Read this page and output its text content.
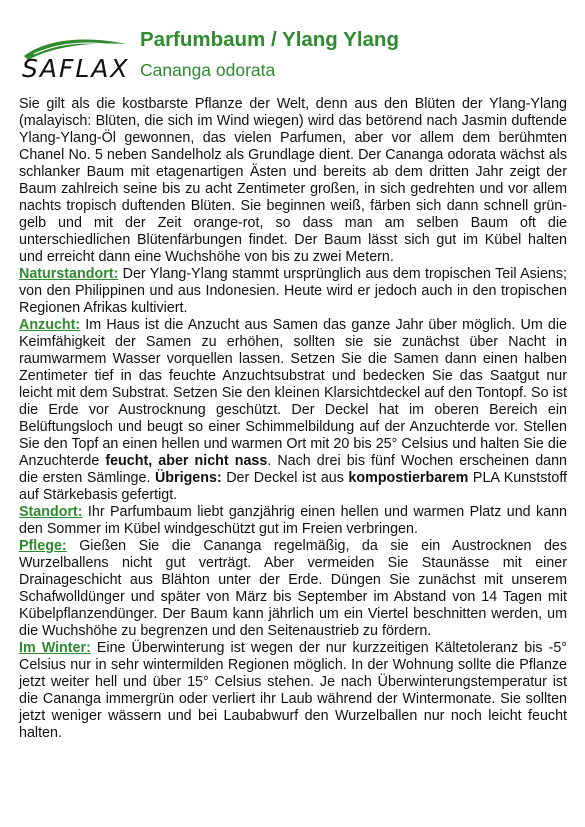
SAFLAX
Parfumbaum / Ylang Ylang
Cananga odorata

Sie gilt als die kostbarste Pflanze der Welt, denn aus den Blüten der Ylang-Ylang (malayisch: Blüten, die sich im Wind wiegen) wird das betörend nach Jasmin duftende Ylang-Ylang-Öl gewonnen, das vielen Parfumen, aber vor allem dem berühmten Chanel No. 5 neben Sandelholz als Grundlage dient. Der Cananga odorata wächst als schlanker Baum mit etagenartigen Ästen und bereits ab dem dritten Jahr zeigt der Baum zahlreich seine bis zu acht Zentimeter großen, in sich gedrehten und vor allem nachts tropisch duftenden Blüten. Sie beginnen weiß, färben sich dann schnell grün-gelb und mit der Zeit orange-rot, so dass man am selben Baum oft die unterschiedlichen Blütenfärbungen findet. Der Baum lässt sich gut im Kübel halten und erreicht dann eine Wuchshöhe von bis zu zwei Metern.

Naturstandort: Der Ylang-Ylang stammt ursprünglich aus dem tropischen Teil Asiens; von den Philippinen und aus Indonesien. Heute wird er jedoch auch in den tropischen Regionen Afrikas kultiviert.

Anzucht: Im Haus ist die Anzucht aus Samen das ganze Jahr über möglich. Um die Keimfähigkeit der Samen zu erhöhen, sollten sie sie zunächst über Nacht in raumwarmem Wasser vorquellen lassen. Setzen Sie die Samen dann einen halben Zentimeter tief in das feuchte Anzuchtsubstrat und bedecken Sie das Saatgut nur leicht mit dem Substrat. Setzen Sie den kleinen Klarsichtdeckel auf den Tontopf. So ist die Erde vor Austrocknung geschützt. Der Deckel hat im oberen Bereich ein Belüftungsloch und beugt so einer Schimmelbildung auf der Anzuchterde vor. Stellen Sie den Topf an einen hellen und warmen Ort mit 20 bis 25° Celsius und halten Sie die Anzuchterde feucht, aber nicht nass. Nach drei bis fünf Wochen erscheinen dann die ersten Sämlinge. Übrigens: Der Deckel ist aus kompostierbarem PLA Kunststoff auf Stärkebasis gefertigt.

Standort: Ihr Parfumbaum liebt ganzjährig einen hellen und warmen Platz und kann den Sommer im Kübel windgeschützt gut im Freien verbringen.

Pflege: Gießen Sie die Cananga regelmäßig, da sie ein Austrocknen des Wurzelballens nicht gut verträgt. Aber vermeiden Sie Staunässe mit einer Drainageschicht aus Blähton unter der Erde. Düngen Sie zunächst mit unserem Schafwolldünger und später von März bis September im Abstand von 14 Tagen mit Kübelpflanzendünger. Der Baum kann jährlich um ein Viertel beschnitten werden, um die Wuchshöhe zu begrenzen und den Seitenaustrieb zu fördern.

Im Winter: Eine Überwinterung ist wegen der nur kurzzeitigen Kältetoleranz bis -5° Celsius nur in sehr wintermilden Regionen möglich. In der Wohnung sollte die Pflanze jetzt weiter hell und über 15° Celsius stehen. Je nach Überwinterungstemperatur ist die Cananga immergrün oder verliert ihr Laub während der Wintermonate. Sie sollten jetzt weniger wässern und bei Laubabwurf den Wurzelballen nur noch leicht feucht halten.
